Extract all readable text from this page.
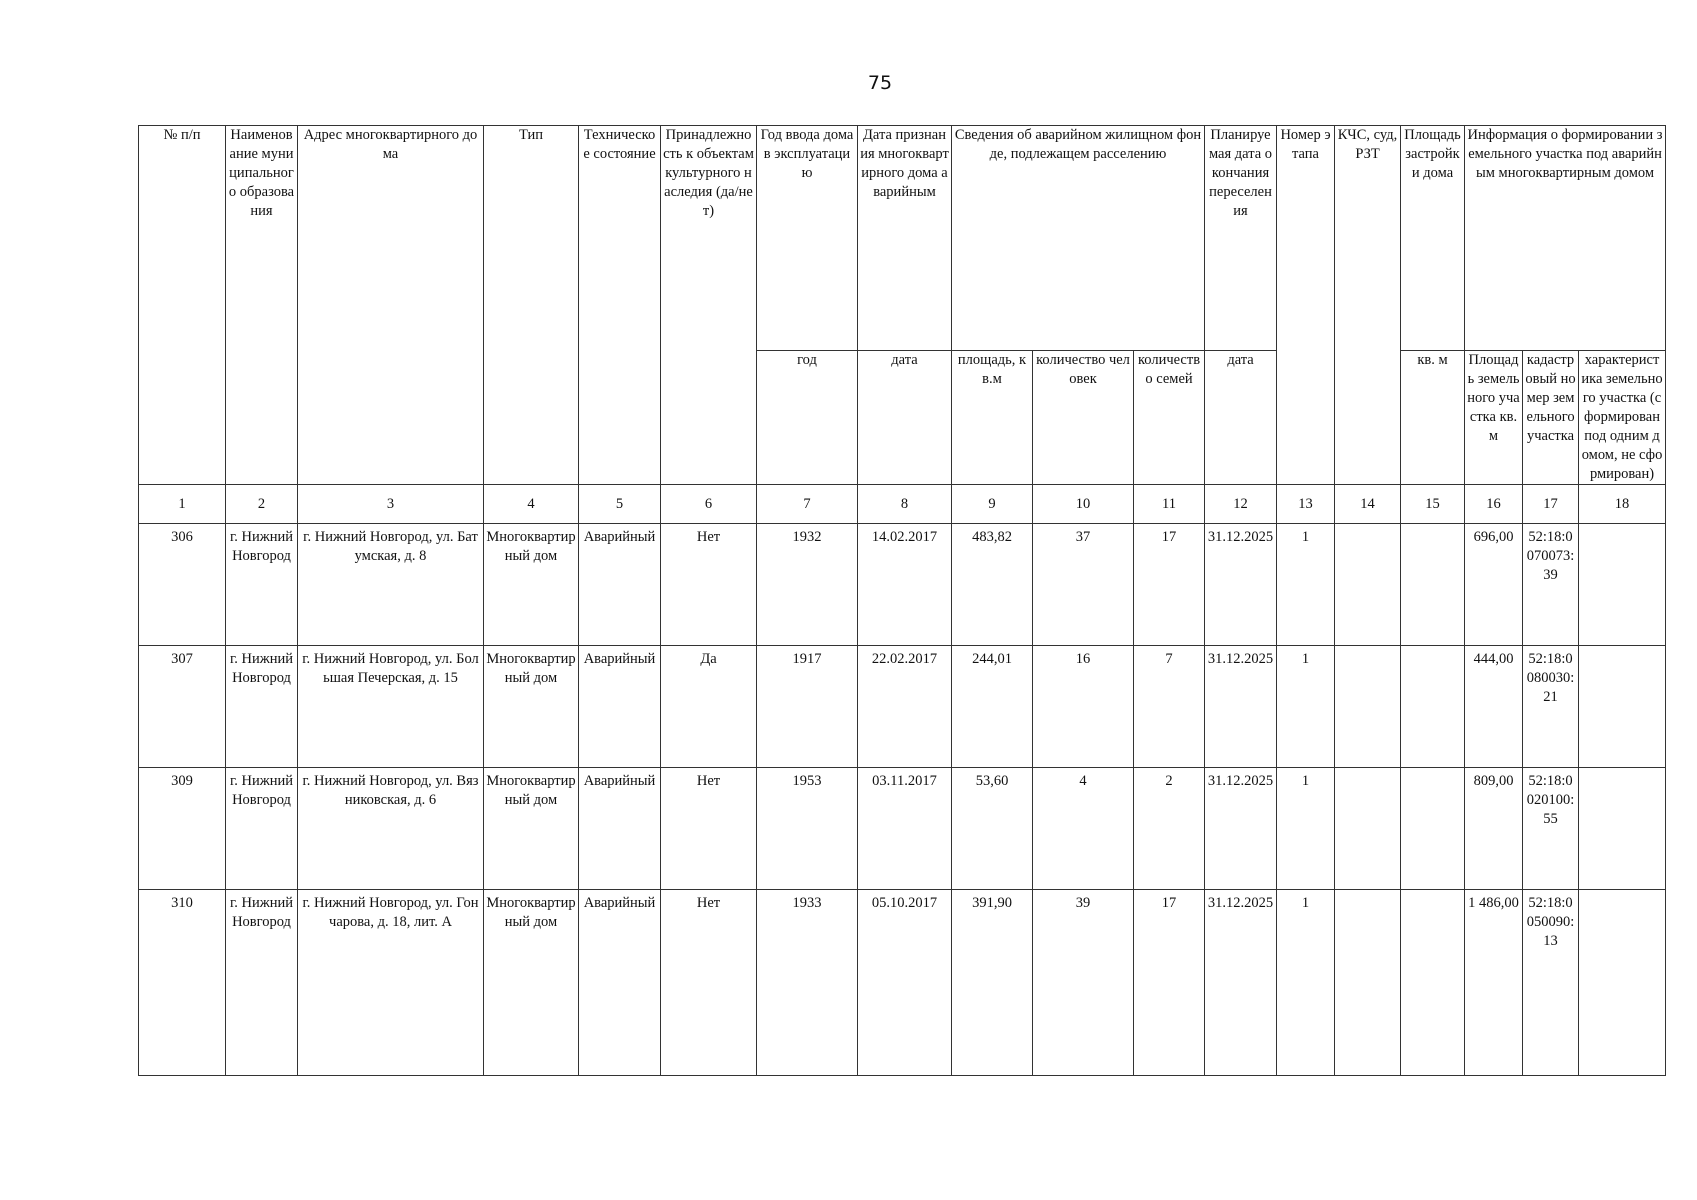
75
№ п/п	Наименование муниципального образования	Адрес многоквартирного дома	Тип	Техническое состояние	Принадлежность к объектам культурного наследия (да/нет)	Год ввода дома в эксплуатацию	Дата признания многоквартирного дома аварийным	Сведения об аварийном жилищном фонде, подлежащем расселению			Планируемая дата окончания переселения	Номер этапа	КЧС, суд, РЗТ	Площадь застройки дома	Информация о формировании земельного участка под аварийным многоквартирным домом		
						год	дата	площадь, кв.м	количество человек	количество семей	дата			кв. м	Площадь земельного участка кв.м	кадастровый номер земельного участка	характеристика земельного участка (сформирован под одним домом, не сформирован)
1	2	3	4	5	6	7	8	9	10	11	12	13	14	15	16	17	18
306	г. Нижний Новгород	г. Нижний Новгород, ул. Батумская, д. 8	Многоквартирный дом	Аварийный	Нет	1932	14.02.2017	483,82	37	17	31.12.2025	1			696,00	52:18:0070073:39	
307	г. Нижний Новгород	г. Нижний Новгород, ул. Большая Печерская, д. 15	Многоквартирный дом	Аварийный	Да	1917	22.02.2017	244,01	16	7	31.12.2025	1			444,00	52:18:0080030:21	
309	г. Нижний Новгород	г. Нижний Новгород, ул. Вязниковская, д. 6	Многоквартирный дом	Аварийный	Нет	1953	03.11.2017	53,60	4	2	31.12.2025	1			809,00	52:18:0020100:55	
310	г. Нижний Новгород	г. Нижний Новгород, ул. Гончарова, д. 18, лит. А	Многоквартирный дом	Аварийный	Нет	1933	05.10.2017	391,90	39	17	31.12.2025	1			1 486,00	52:18:0050090:13	
